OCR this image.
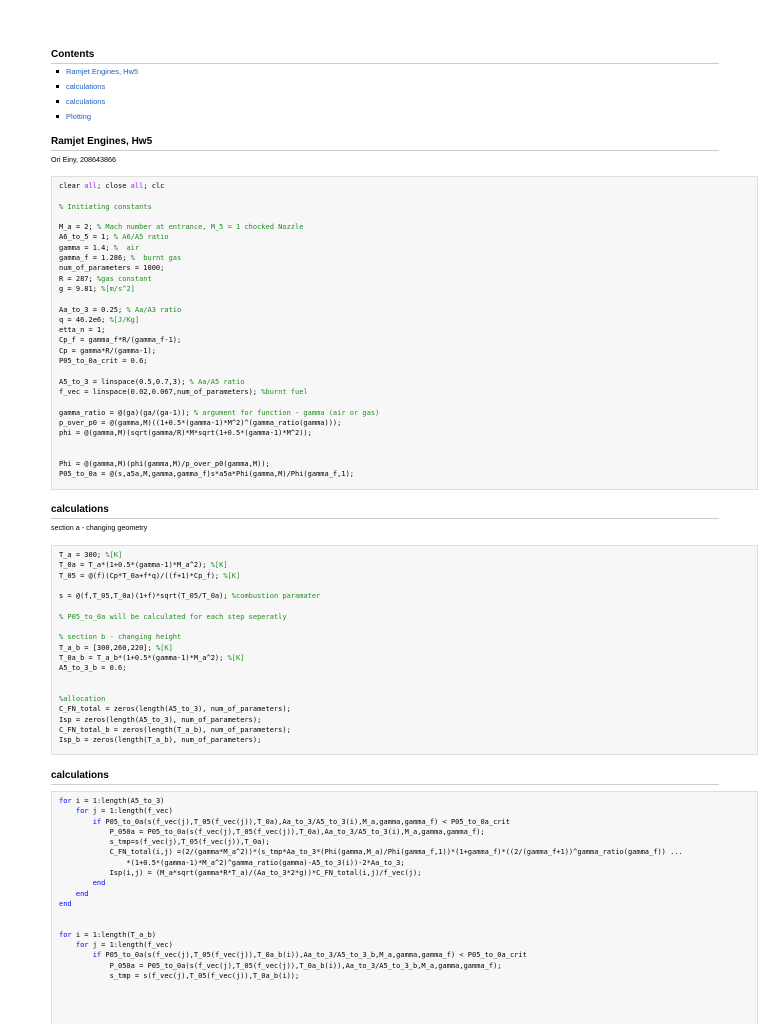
Contents
Ramjet Engines, Hw5
calculations
calculations
Plotting
Ramjet Engines, Hw5

Ori Einy, 208643866

clear all; close all; clc
% Initiating constants
M_a = 2; % Mach number at entrance, M_5 = 1 chocked Nozzle
A6_to_5 = 1; % A6/A5 ratio
gamma = 1.4; %  air
gamma_f = 1.286; %  burnt gas
num_of_parameters = 1000;
R = 287; %gas constant
g = 9.81; %[m/s^2]
Aa_to_3 = 0.25; % Aa/A3 ratio
q = 46.2e6; %[J/Kg]
etta_n = 1;
Cp_f = gamma_f*R/(gamma_f-1);
Cp = gamma*R/(gamma-1);
P05_to_0a_crit = 0.6;
A5_to_3 = linspace(0.5,0.7,3); % Aa/A5 ratio
f_vec = linspace(0.02,0.067,num_of_parameters); %burnt fuel
gamma_ratio = @(ga)(ga/(ga-1)); % argument for function - gamma (air or gas)
p_over_p0 = @(gamma,M)((1+0.5*(gamma-1)*M^2)^(gamma_ratio(gamma)));
phi = @(gamma,M)(sqrt(gamma/R)*M*sqrt(1+0.5*(gamma-1)*M^2));
Phi = @(gamma,M)(phi(gamma,M)/p_over_p0(gamma,M));
P05_to_0a = @(s,a5a,M,gamma,gamma_f)s*a5a*Phi(gamma,M)/Phi(gamma_f,1);
calculations

section a - changing geometry

T_a = 300; %[K]
T_0a = T_a*(1+0.5*(gamma-1)*M_a^2); %[K]
T_05 = @(f)(Cp*T_0a+f*q)/((f+1)*Cp_f); %[K]
s = @(f,T_05,T_0a)(1+f)*sqrt(T_05/T_0a); %combustion paramater
% P05_to_0a will be calculated for each step seperatly
% section b - changing height
T_a_b = [300,260,220]; %[K]
T_0a_b = T_a_b*(1+0.5*(gamma-1)*M_a^2); %[K]
A5_to_3_b = 0.6;
%allocation
C_FN_total = zeros(length(A5_to_3), num_of_parameters);
Isp = zeros(length(A5_to_3), num_of_parameters);
C_FN_total_b = zeros(length(T_a_b), num_of_parameters);
Isp_b = zeros(length(T_a_b), num_of_parameters);
calculations
for i = 1:length(A5_to_3)
for j = 1:length(f_vec)
if P05_to_0a(s(f_vec(j),T_05(f_vec(j)),T_0a),Aa_to_3/A5_to_3(i),M_a,gamma,gamma_f) < P05_to_0a_crit
P_050a = P05_to_0a(s(f_vec(j),T_05(f_vec(j)),T_0a),Aa_to_3/A5_to_3(i),M_a,gamma,gamma_f);
s_tmp=s(f_vec(j),T_05(f_vec(j)),T_0a);
C_FN_total(i,j) =(2/(gamma*M_a^2))*(s_tmp*Aa_to_3*(Phi(gamma,M_a)/Phi(gamma_f,1))*(1+gamma_f)*((2/(gamma_f+1))^gamma_ratio(gamma_f)) ...
*(1+0.5*(gamma-1)*M_a^2)^gamma_ratio(gamma)-A5_to_3(i))-2*Aa_to_3;
Isp(i,j) = (M_a*sqrt(gamma*R*T_a)/(Aa_to_3*2*g))*C_FN_total(i,j)/f_vec(j);
end
end
end
for i = 1:length(T_a_b)
for j = 1:length(f_vec)
if P05_to_0a(s(f_vec(j),T_05(f_vec(j)),T_0a_b(i)),Aa_to_3/A5_to_3_b,M_a,gamma,gamma_f) < P05_to_0a_crit
P_050a = P05_to_0a(s(f_vec(j),T_05(f_vec(j)),T_0a_b(i)),Aa_to_3/A5_to_3_b,M_a,gamma,gamma_f);
s_tmp = s(f_vec(j),T_05(f_vec(j)),T_0a_b(i));
